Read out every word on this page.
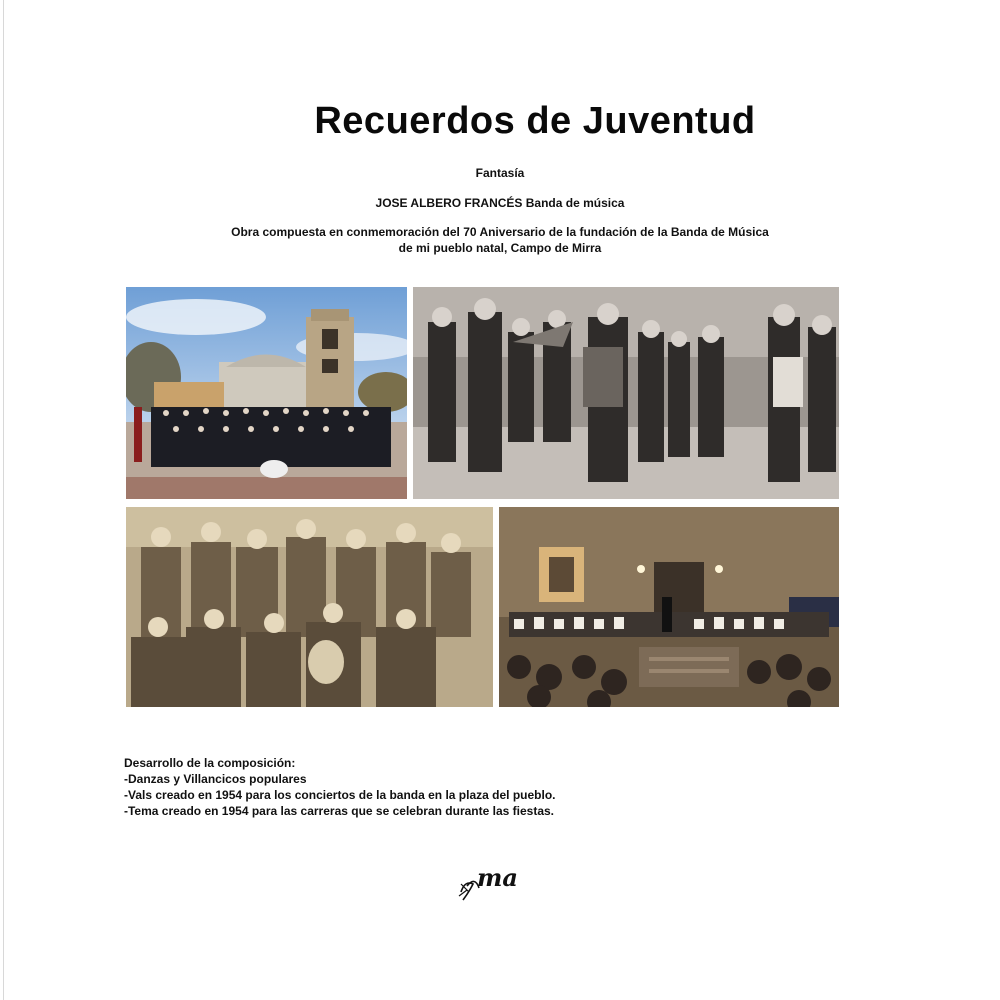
Recuerdos de Juventud
Fantasía
JOSE ALBERO FRANCÉS Banda de música
Obra compuesta en conmemoración del 70 Aniversario de la fundación de la Banda de Música
de mi pueblo natal, Campo de Mirra
Desarrollo de la composición:
-Danzas y Villancicos populares
-Vals creado en 1954 para los conciertos de la banda en la plaza del pueblo.
-Tema creado en 1954 para las carreras que se celebran durante las fiestas.
ma
